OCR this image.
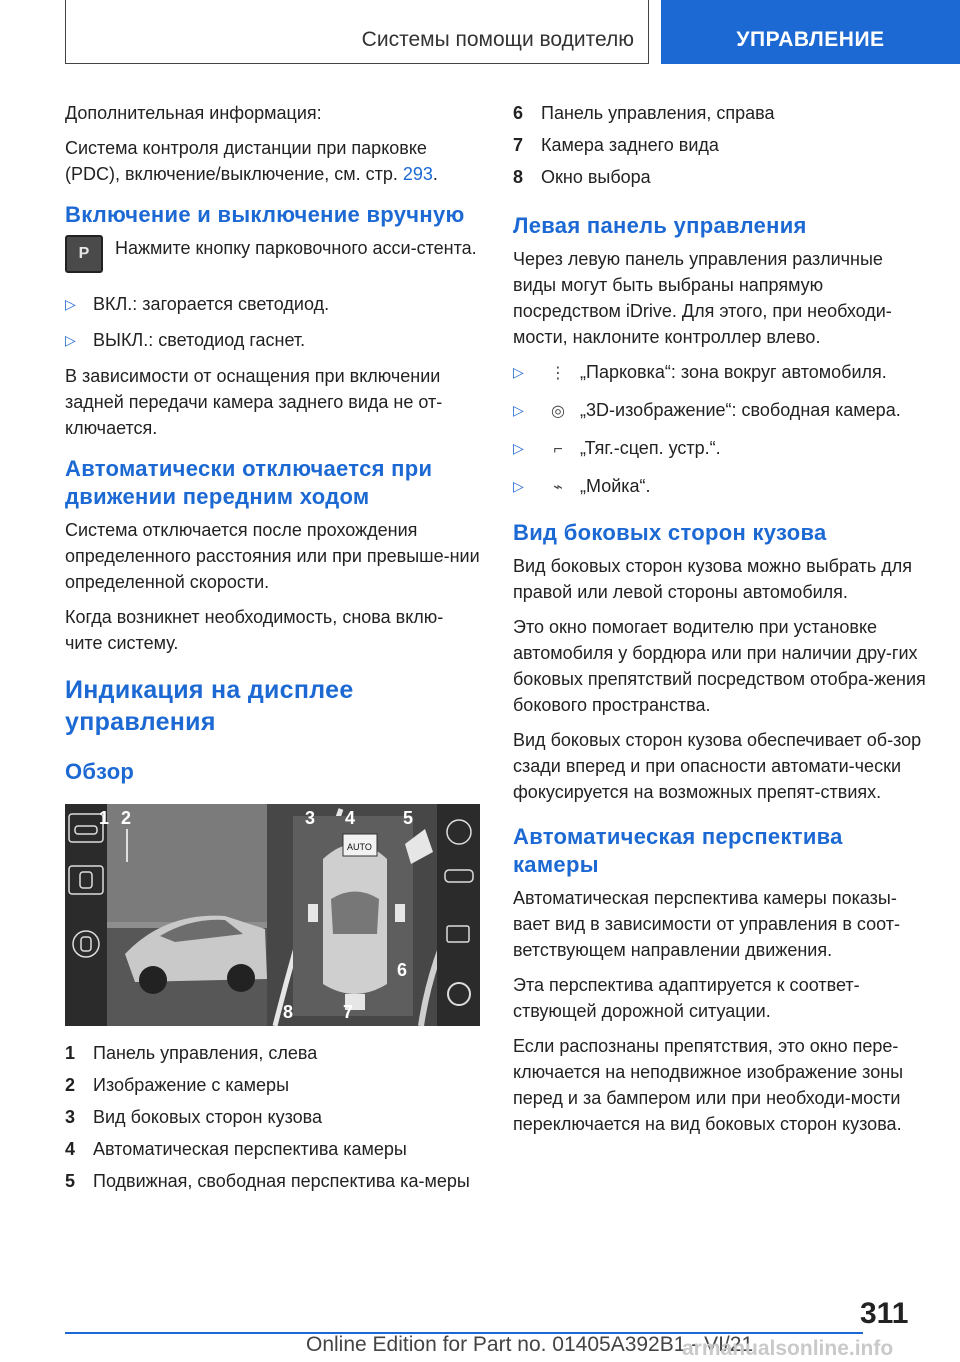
Системы помощи водителю	УПРАВЛЕНИЕ

Дополнительная информация:

Система контроля дистанции при парковке (PDC), включение/выключение, см. стр. 293.

Включение и выключение вручную
P	Нажмите кнопку парковочного асси-стента.

▷ ВКЛ.: загорается светодиод.
▷ ВЫКЛ.: светодиод гаснет.

В зависимости от оснащения при включении задней передачи камера заднего вида не от-ключается.

Автоматически отключается при движении передним ходом

Система отключается после прохождения определенного расстояния или при превыше-нии определенной скорости.

Когда возникнет необходимость, снова вклю-чите систему.

Индикация на дисплее управления
Обзор
AUTO
1 2	3 4	5
6
7
8
1 Панель управления, слева
2 Изображение с камеры
3 Вид боковых сторон кузова
4 Автоматическая перспектива камеры
5 Подвижная, свободная перспектива ка-меры
6 Панель управления, справа
7 Камера заднего вида
8 Окно выбора
Левая панель управления

Через левую панель управления различные виды могут быть выбраны напрямую посредством iDrive. Для этого, при необходи-мости, наклоните контроллер влево.

▷ ⋮ „Парковка“: зона вокруг автомобиля.
▷ ◎ „3D-изображение“: свободная камера.
▷ ⌐ „Тяг.-сцеп. устр.“.
▷ ⌁ „Мойка“.
Вид боковых сторон кузова

Вид боковых сторон кузова можно выбрать для правой или левой стороны автомобиля.

Это окно помогает водителю при установке автомобиля у бордюра или при наличии дру-гих боковых препятствий посредством отобра-жения бокового пространства.

Вид боковых сторон кузова обеспечивает об-зор сзади вперед и при опасности автомати-чески фокусируется на возможных препят-ствиях.

Автоматическая перспектива камеры

Автоматическая перспектива камеры показы-вает вид в зависимости от управления в соот-ветствующем направлении движения.

Эта перспектива адаптируется к соответ-ствующей дорожной ситуации.

Если распознаны препятствия, это окно пере-ключается на неподвижное изображение зоны перед и за бампером или при необходи-мости переключается на вид боковых сторон кузова.

311
Online Edition for Part no. 01405A392B1 - VI/21
armanualsonline.info
